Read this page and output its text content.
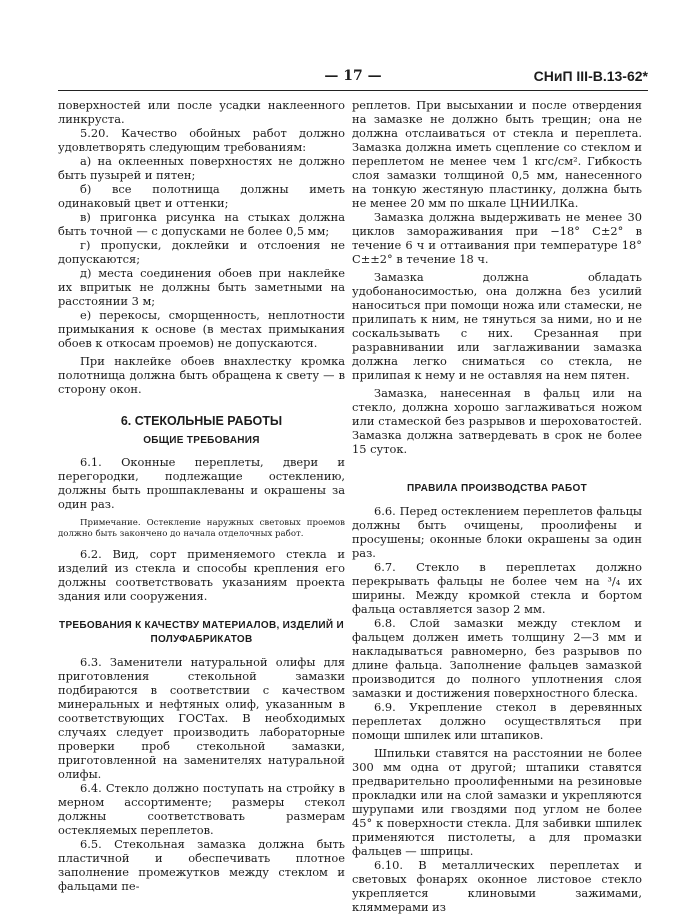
— 17 —	СНиП III-В.13-62*

поверхностей или после усадки наклеенного линкруста.

5.20. Качество обойных работ должно удовлетворять следующим требованиям:

а) на оклеенных поверхностях не должно быть пузырей и пятен;

б) все полотнища должны иметь одинаковый цвет и оттенки;

в) пригонка рисунка на стыках должна быть точной — с допусками не более 0,5 мм;

г) пропуски, доклейки и отслоения не допускаются;

д) места соединения обоев при наклейке их впритык не должны быть заметными на расстоянии 3 м;

е) перекосы, сморщенность, неплотности примыкания к основе (в местах примыкания обоев к откосам проемов) не допускаются.

При наклейке обоев внахлестку кромка полотнища должна быть обращена к свету — в сторону окон.

6. СТЕКОЛЬНЫЕ РАБОТЫ

ОБЩИЕ ТРЕБОВАНИЯ

6.1. Оконные переплеты, двери и перегородки, подлежащие остеклению, должны быть прошпаклеваны и окрашены за один раз.

Примечание. Остекление наружных световых проемов должно быть закончено до начала отделочных работ.

6.2. Вид, сорт применяемого стекла и изделий из стекла и способы крепления его должны соответствовать указаниям проекта здания или сооружения.

ТРЕБОВАНИЯ К КАЧЕСТВУ МАТЕРИАЛОВ, ИЗДЕЛИЙ И ПОЛУФАБРИКАТОВ

6.3. Заменители натуральной олифы для приготовления стекольной замазки подбираются в соответствии с качеством минеральных и нефтяных олиф, указанным в соответствующих ГОСТах. В необходимых случаях следует производить лабораторные проверки проб стекольной замазки, приготовленной на заменителях натуральной олифы.

6.4. Стекло должно поступать на стройку в мерном ассортименте; размеры стекол должны соответствовать размерам остекляемых переплетов.

6.5. Стекольная замазка должна быть пластичной и обеспечивать плотное заполнение промежутков между стеклом и фальцами пе-

реплетов. При высыхании и после отвердения на замазке не должно быть трещин; она не должна отслаиваться от стекла и переплета. Замазка должна иметь сцепление со стеклом и переплетом не менее чем 1 кгс/см². Гибкость слоя замазки толщиной 0,5 мм, нанесенного на тонкую жестяную пластинку, должна быть не менее 20 мм по шкале ЦНИИЛКа.

Замазка должна выдерживать не менее 30 циклов замораживания при −18° С±2° в течение 6 ч и оттаивания при температуре 18° С±±2° в течение 18 ч.

Замазка должна обладать удобонаносимостью, она должна без усилий наноситься при помощи ножа или стамески, не прилипать к ним, не тянуться за ними, но и не соскальзывать с них. Срезанная при разравнивании или заглаживании замазка должна легко сниматься со стекла, не прилипая к нему и не оставляя на нем пятен.

Замазка, нанесенная в фальц или на стекло, должна хорошо заглаживаться ножом или стамеской без разрывов и шероховатостей. Замазка должна затвердевать в срок не более 15 суток.

ПРАВИЛА ПРОИЗВОДСТВА РАБОТ

6.6. Перед остеклением переплетов фальцы должны быть очищены, проолифены и просушены; оконные блоки окрашены за один раз.

6.7. Стекло в переплетах должно перекрывать фальцы не более чем на ³/₄ их ширины. Между кромкой стекла и бортом фальца оставляется зазор 2 мм.

6.8. Слой замазки между стеклом и фальцем должен иметь толщину 2—3 мм и накладываться равномерно, без разрывов по длине фальца. Заполнение фальцев замазкой производится до полного уплотнения слоя замазки и достижения поверхностного блеска.

6.9. Укрепление стекол в деревянных переплетах должно осуществляться при помощи шпилек или штапиков.

Шпильки ставятся на расстоянии не более 300 мм одна от другой; штапики ставятся предварительно проолифенными на резиновые прокладки или на слой замазки и укрепляются шурупами или гвоздями под углом не более 45° к поверхности стекла. Для забивки шпилек применяются пистолеты, а для промазки фальцев — шприцы.

6.10. В металлических переплетах и световых фонарях оконное листовое стекло укрепляется клиновыми зажимами, кляммерами из
